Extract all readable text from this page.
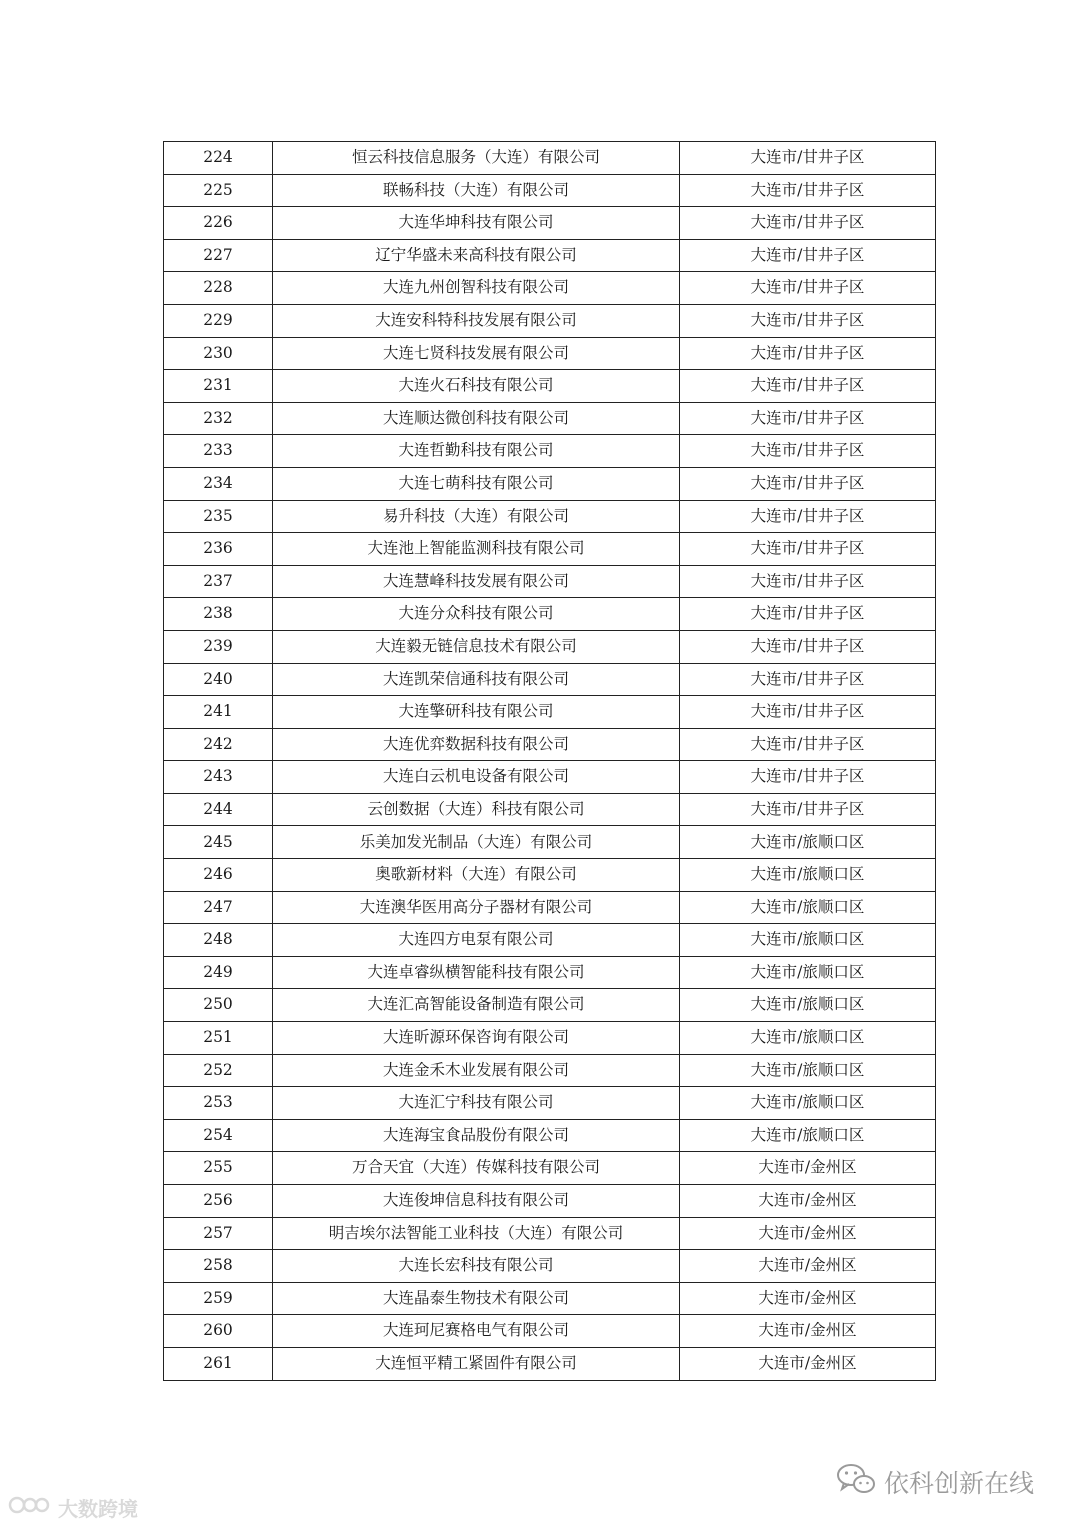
224	恒云科技信息服务（大连）有限公司	大连市/甘井子区
225	联畅科技（大连）有限公司	大连市/甘井子区
226	大连华坤科技有限公司	大连市/甘井子区
227	辽宁华盛未来高科技有限公司	大连市/甘井子区
228	大连九州创智科技有限公司	大连市/甘井子区
229	大连安科特科技发展有限公司	大连市/甘井子区
230	大连七贤科技发展有限公司	大连市/甘井子区
231	大连火石科技有限公司	大连市/甘井子区
232	大连顺达微创科技有限公司	大连市/甘井子区
233	大连哲勤科技有限公司	大连市/甘井子区
234	大连七萌科技有限公司	大连市/甘井子区
235	易升科技（大连）有限公司	大连市/甘井子区
236	大连池上智能监测科技有限公司	大连市/甘井子区
237	大连慧峰科技发展有限公司	大连市/甘井子区
238	大连分众科技有限公司	大连市/甘井子区
239	大连毅无链信息技术有限公司	大连市/甘井子区
240	大连凯荣信通科技有限公司	大连市/甘井子区
241	大连擎研科技有限公司	大连市/甘井子区
242	大连优弈数据科技有限公司	大连市/甘井子区
243	大连白云机电设备有限公司	大连市/甘井子区
244	云创数据（大连）科技有限公司	大连市/甘井子区
245	乐美加发光制品（大连）有限公司	大连市/旅顺口区
246	奥歌新材料（大连）有限公司	大连市/旅顺口区
247	大连澳华医用高分子器材有限公司	大连市/旅顺口区
248	大连四方电泵有限公司	大连市/旅顺口区
249	大连卓睿纵横智能科技有限公司	大连市/旅顺口区
250	大连汇高智能设备制造有限公司	大连市/旅顺口区
251	大连昕源环保咨询有限公司	大连市/旅顺口区
252	大连金禾木业发展有限公司	大连市/旅顺口区
253	大连汇宁科技有限公司	大连市/旅顺口区
254	大连海宝食品股份有限公司	大连市/旅顺口区
255	万合天宜（大连）传媒科技有限公司	大连市/金州区
256	大连俊坤信息科技有限公司	大连市/金州区
257	明吉埃尔法智能工业科技（大连）有限公司	大连市/金州区
258	大连长宏科技有限公司	大连市/金州区
259	大连晶泰生物技术有限公司	大连市/金州区
260	大连珂尼赛格电气有限公司	大连市/金州区
261	大连恒平精工紧固件有限公司	大连市/金州区
大数跨境
依科创新在线
